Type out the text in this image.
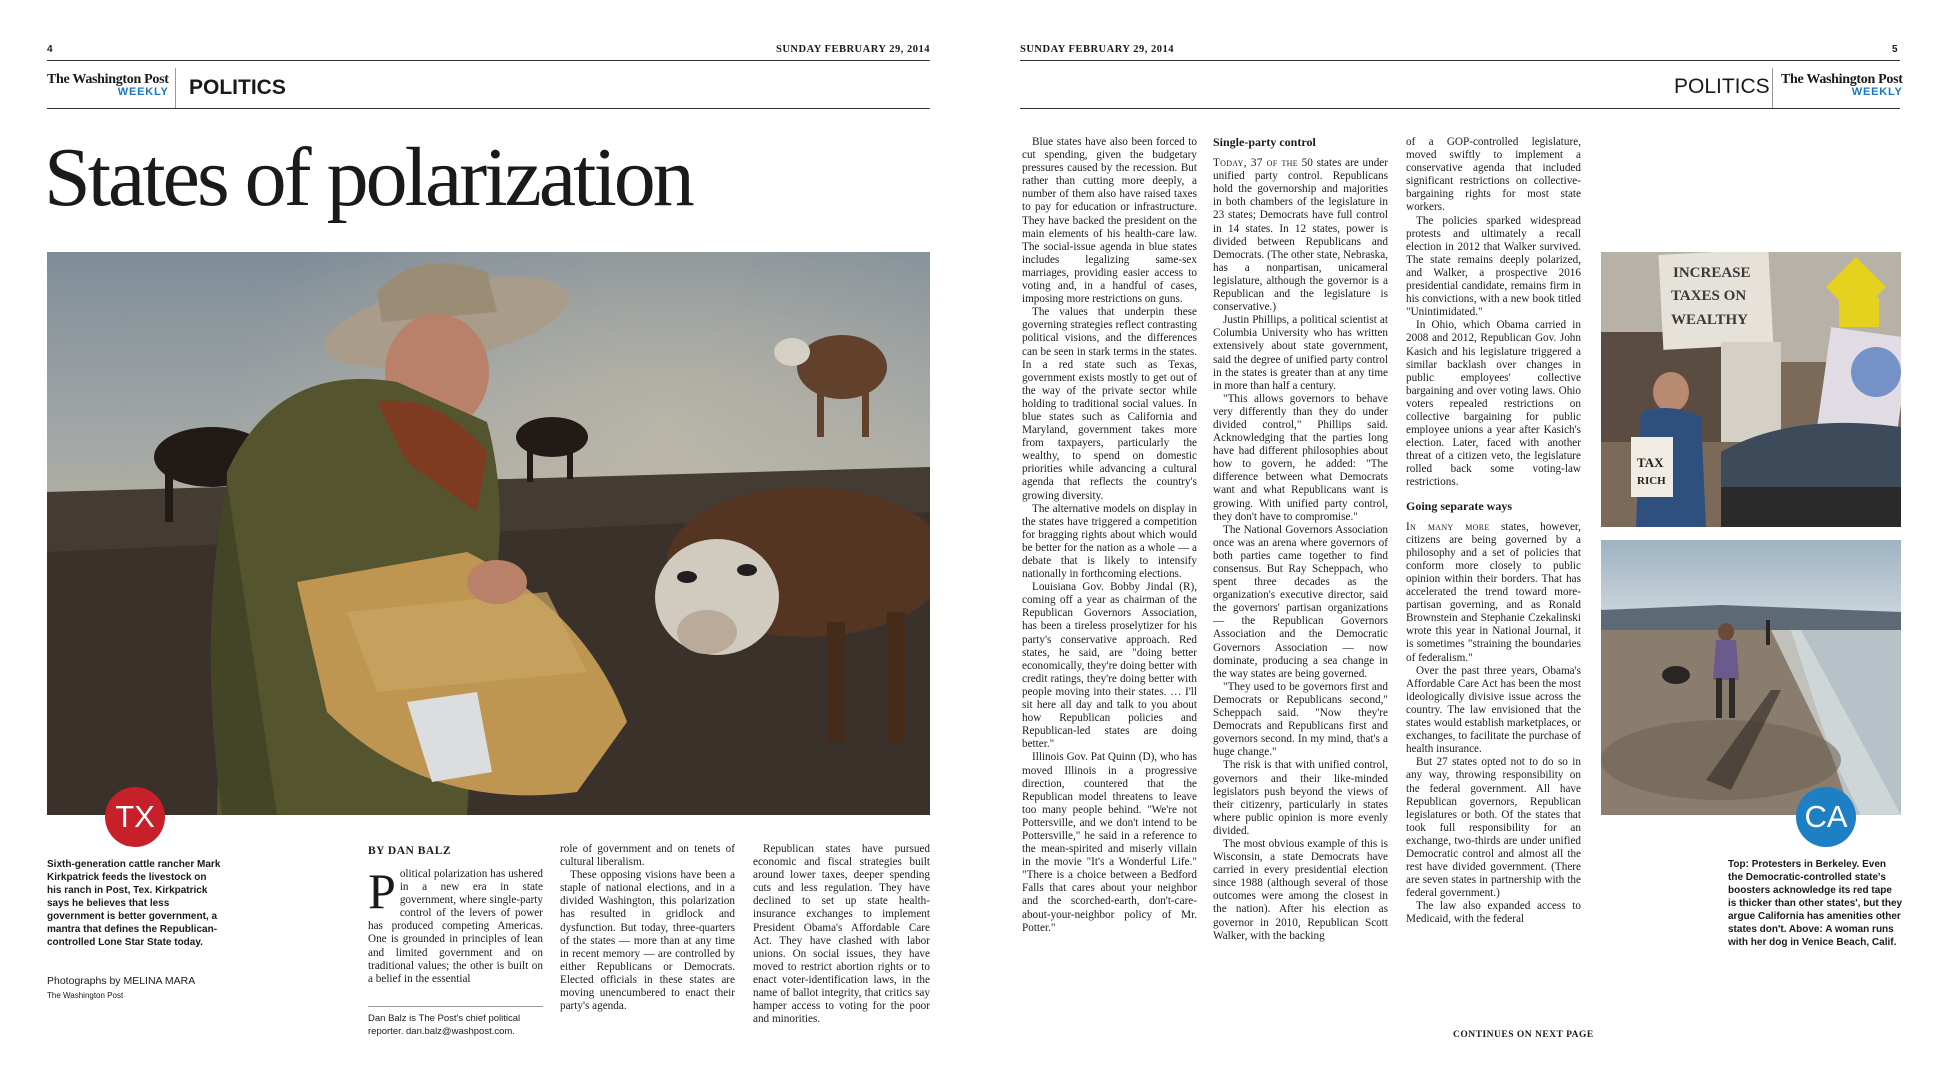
4	SUNDAY FEBRUARY 29, 2014
The Washington Post
WEEKLY POLITICS
States of polarization
TX
Sixth-generation cattle rancher Mark Kirkpatrick feeds the livestock on his ranch in Post, Tex. Kirkpatrick says he believes that less government is better government, a mantra that defines the Republican-controlled Lone Star State today.
Photographs by MELINA MARA
The Washington Post
BY DAN BALZ

Political polarization has ushered in a new era in state government, where single-party control of the levers of power has produced competing Americas. One is grounded in principles of lean and limited government and on traditional values; the other is built on a belief in the essential

Dan Balz is The Post's chief political reporter. dan.balz@washpost.com.

role of government and on tenets of cultural liberalism.

These opposing visions have been a staple of national elections, and in a divided Washington, this polarization has resulted in gridlock and dysfunction. But today, three-quarters of the states — more than at any time in recent memory — are controlled by either Republicans or Democrats. Elected officials in these states are moving unencumbered to enact their party's agenda.

Republican states have pursued economic and fiscal strategies built around lower taxes, deeper spending cuts and less regulation. They have declined to set up state health-insurance exchanges to implement President Obama's Affordable Care Act. They have clashed with labor unions. On social issues, they have moved to restrict abortion rights or to enact voter-identification laws, in the name of ballot integrity, that critics say hamper access to voting for the poor and minorities.

SUNDAY FEBRUARY 29, 2014	5
POLITICS The Washington Post
WEEKLY

Blue states have also been forced to cut spending, given the budgetary pressures caused by the recession. But rather than cutting more deeply, a number of them also have raised taxes to pay for education or infrastructure. They have backed the president on the main elements of his health-care law. The social-issue agenda in blue states includes legalizing same-sex marriages, providing easier access to voting and, in a handful of cases, imposing more restrictions on guns.

The values that underpin these governing strategies reflect contrasting political visions, and the differences can be seen in stark terms in the states. In a red state such as Texas, government exists mostly to get out of the way of the private sector while holding to traditional social values. In blue states such as California and Maryland, government takes more from taxpayers, particularly the wealthy, to spend on domestic priorities while advancing a cultural agenda that reflects the country's growing diversity.

The alternative models on display in the states have triggered a competition for bragging rights about which would be better for the nation as a whole — a debate that is likely to intensify nationally in forthcoming elections.

Louisiana Gov. Bobby Jindal (R), coming off a year as chairman of the Republican Governors Association, has been a tireless proselytizer for his party's conservative approach. Red states, he said, are "doing better economically, they're doing better with credit ratings, they're doing better with people moving into their states. … I'll sit here all day and talk to you about how Republican policies and Republican-led states are doing better."

Illinois Gov. Pat Quinn (D), who has moved Illinois in a progressive direction, countered that the Republican model threatens to leave too many people behind. "We're not Pottersville, and we don't intend to be Pottersville," he said in a reference to the mean-spirited and miserly villain in the movie "It's a Wonderful Life." "There is a choice between a Bedford Falls that cares about your neighbor and the scorched-earth, don't-care-about-your-neighbor policy of Mr. Potter."

Single-party control

Today, 37 of the 50 states are under unified party control. Republicans hold the governorship and majorities in both chambers of the legislature in 23 states; Democrats have full control in 14 states. In 12 states, power is divided between Republicans and Democrats. (The other state, Nebraska, has a nonpartisan, unicameral legislature, although the governor is a Republican and the legislature is conservative.)

Justin Phillips, a political scientist at Columbia University who has written extensively about state government, said the degree of unified party control in the states is greater than at any time in more than half a century.

"This allows governors to behave very differently than they do under divided control," Phillips said. Acknowledging that the parties long have had different philosophies about how to govern, he added: "The difference between what Democrats want and what Republicans want is growing. With unified party control, they don't have to compromise."

The National Governors Association once was an arena where governors of both parties came together to find consensus. But Ray Scheppach, who spent three decades as the organization's executive director, said the governors' partisan organizations — the Republican Governors Association and the Democratic Governors Association — now dominate, producing a sea change in the way states are being governed.

"They used to be governors first and Democrats or Republicans second," Scheppach said. "Now they're Democrats and Republicans first and governors second. In my mind, that's a huge change."

The risk is that with unified control, governors and their like-minded legislators push beyond the views of their citizenry, particularly in states where public opinion is more evenly divided.

The most obvious example of this is Wisconsin, a state Democrats have carried in every presidential election since 1988 (although several of those outcomes were among the closest in the nation). After his election as governor in 2010, Republican Scott Walker, with the backing

of a GOP-controlled legislature, moved swiftly to implement a conservative agenda that included significant restrictions on collective-bargaining rights for most state workers.

The policies sparked widespread protests and ultimately a recall election in 2012 that Walker survived. The state remains deeply polarized, and Walker, a prospective 2016 presidential candidate, remains firm in his convictions, with a new book titled "Unintimidated."

In Ohio, which Obama carried in 2008 and 2012, Republican Gov. John Kasich and his legislature triggered a similar backlash over changes in public employees' collective bargaining and over voting laws. Ohio voters repealed restrictions on collective bargaining for public employee unions a year after Kasich's election. Later, faced with another threat of a citizen veto, the legislature rolled back some voting-law restrictions.

Going separate ways

In many more states, however, citizens are being governed by a philosophy and a set of policies that conform more closely to public opinion within their borders. That has accelerated the trend toward more-partisan governing, and as Ronald Brownstein and Stephanie Czekalinski wrote this year in National Journal, it is sometimes "straining the boundaries of federalism."

Over the past three years, Obama's Affordable Care Act has been the most ideologically divisive issue across the country. The law envisioned that the states would establish marketplaces, or exchanges, to facilitate the purchase of health insurance.

But 27 states opted not to do so in any way, throwing responsibility on the federal government. All have Republican governors, Republican legislatures or both. Of the states that took full responsibility for an exchange, two-thirds are under unified Democratic control and almost all the rest have divided government. (There are seven states in partnership with the federal government.)

The law also expanded access to Medicaid, with the federal

CONTINUES ON NEXT PAGE
INCREASE
TAXES ON
WEALTHY
TAX
RICH
CA
Top: Protesters in Berkeley. Even the Democratic-controlled state's boosters acknowledge its red tape is thicker than other states', but they argue California has amenities other states don't. Above: A woman runs with her dog in Venice Beach, Calif.
